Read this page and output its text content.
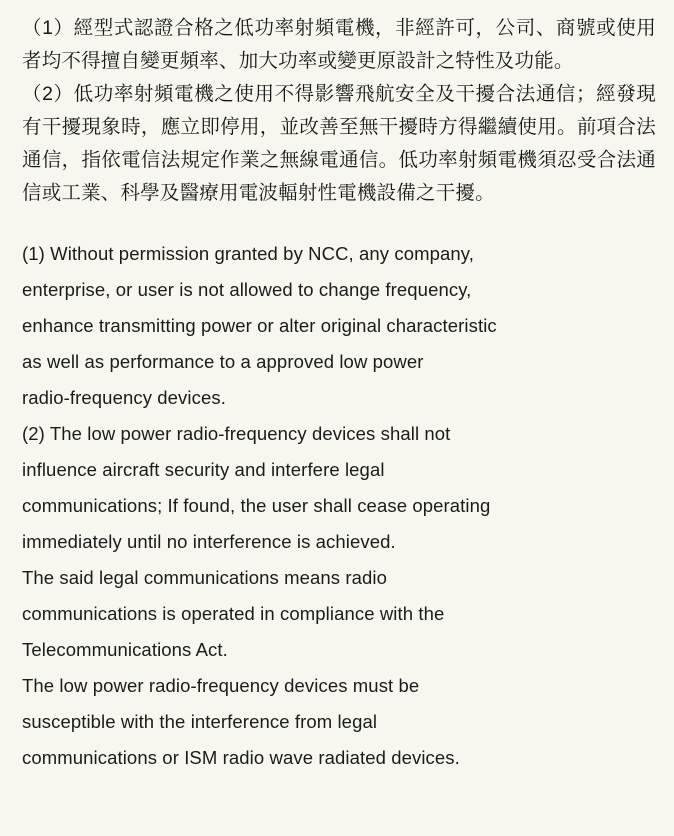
（1）經型式認證合格之低功率射頻電機，非經許可，公司、商號或使用者均不得擅自變更頻率、加大功率或變更原設計之特性及功能。

（2）低功率射頻電機之使用不得影響飛航安全及干擾合法通信；經發現有干擾現象時，應立即停用，並改善至無干擾時方得繼續使用。前項合法通信，指依電信法規定作業之無線電通信。低功率射頻電機須忍受合法通信或工業、科學及醫療用電波輻射性電機設備之干擾。

(1) Without permission granted by NCC, any company,
enterprise, or user is not allowed to change frequency,
enhance transmitting power or alter original characteristic
as well as performance to a approved low power
radio-frequency devices.

(2) The low power radio-frequency devices shall not
influence aircraft security and interfere legal
communications; If found, the user shall cease operating
immediately until no interference is achieved.

The said legal communications means radio
communications is operated in compliance with the
Telecommunications Act.

The low power radio-frequency devices must be
susceptible with the interference from legal
communications or ISM radio wave radiated devices.
